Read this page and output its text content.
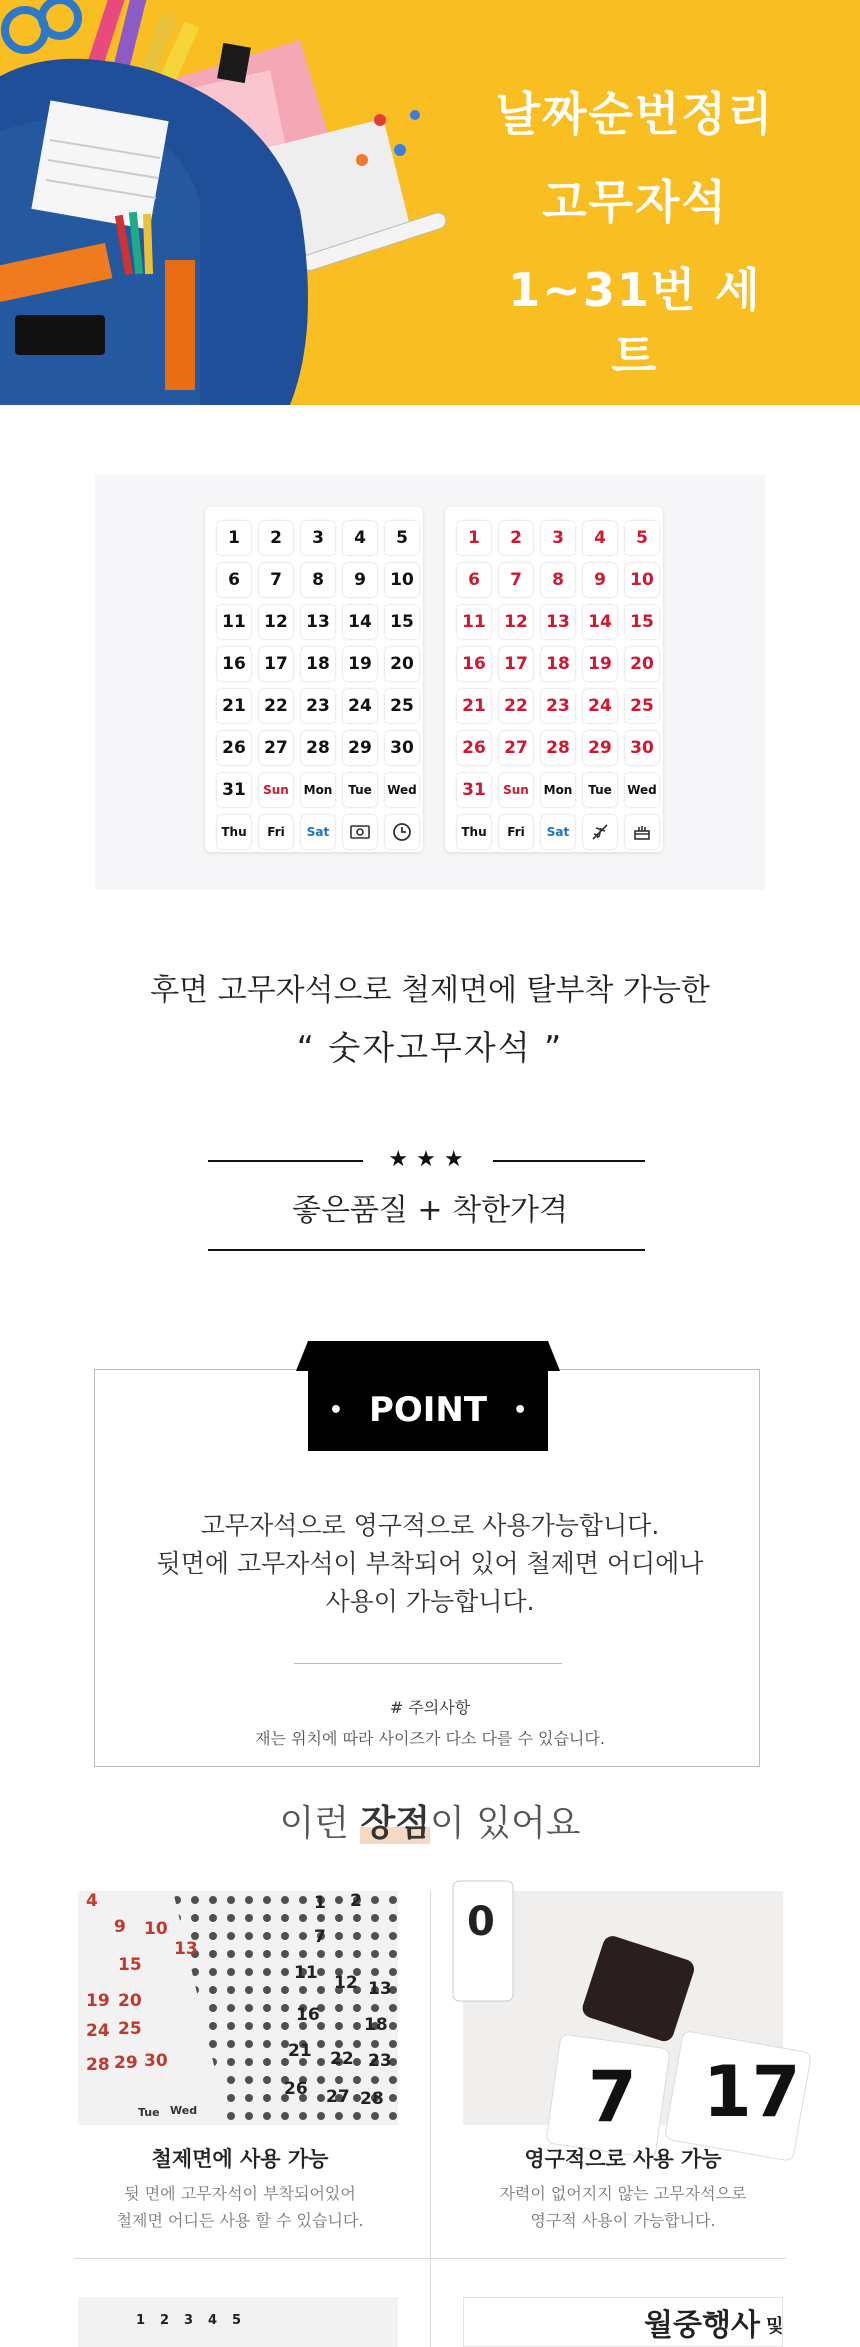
날짜순번정리
고무자석
1~31번 세트
1	2	3	4	5
6	7	8	9	10
11	12	13	14	15
16	17	18	19	20
21	22	23	24	25
26	27	28	29	30
31	Sun	Mon	Tue	Wed
Thu	Fri	Sat
1	2	3	4	5
6	7	8	9	10
11	12	13	14	15
16	17	18	19	20
21	22	23	24	25
26	27	28	29	30
31	Sun	Mon	Tue	Wed
Thu	Fri	Sat
후면 고무자석으로 철제면에 탈부착 가능한
“ 숫자고무자석 ”
★★★
좋은품질 + 착한가격
• POINT •
고무자석으로 영구적으로 사용가능합니다.
뒷면에 고무자석이 부착되어 있어 철제면 어디에나
사용이 가능합니다.
# 주의사항
재는 위치에 따라 사이즈가 다소 다를 수 있습니다.
이런 장점이 있어요
4
9 10
13
15
19 20
24 25
28 29 30
Tue Wed
1 2
7
11 12 13
16	18
21 22 23
26 27 28
0
7 17
철제면에 사용 가능
뒷 면에 고무자석이 부착되어있어
철제면 어디든 사용 할 수 있습니다.
영구적으로 사용 가능
자력이 없어지지 않는 고무자석으로
영구적 사용이 가능합니다.
1 2 3 4 5	월중행사 및
